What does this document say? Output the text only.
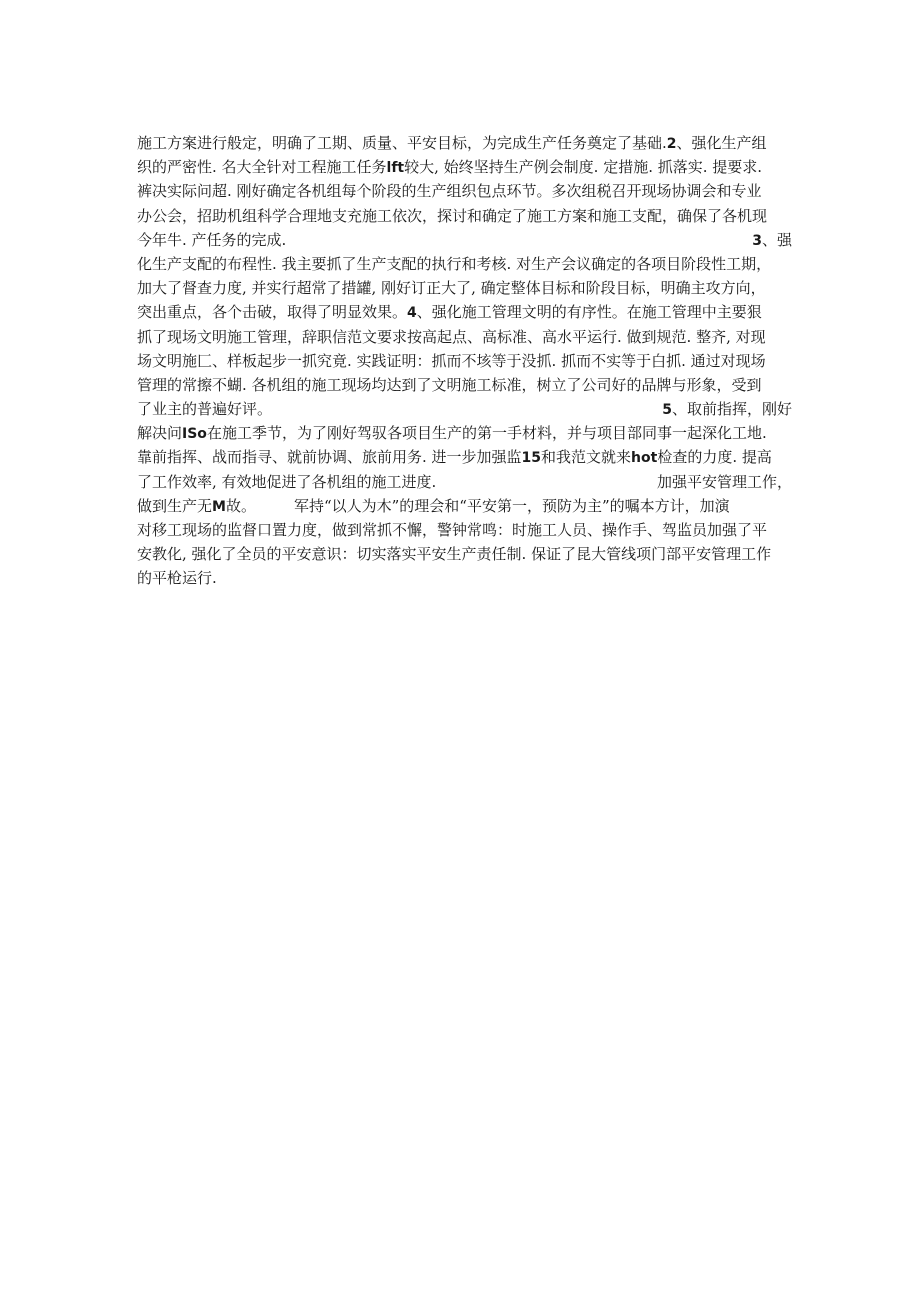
施工方案进行般定，明确了工期、质量、平安目标，为完成生产任务奠定了基础.2、强化生产组
织的严密性. 名大全针对工程施工任务lft较大, 始终坚持生产例会制度. 定措施. 抓落实. 提要求.
裤决实际问超. 刚好确定各机组每个阶段的生产组织包点环节。多次组税召开现场协调会和专业
办公会，招助机组科学合理地支充施工依次，探讨和确定了施工方案和施工支配，确保了各机现
今年牛. 产任务的完成.	3、强
化生产支配的布程性. 我主要抓了生产支配的执行和考核. 对生产会议确定的各项目阶段性工期，
加大了督查力度, 并实行超常了措罐, 刚好订正大了, 确定整体目标和阶段目标，明确主攻方向，
突出重点，各个击破，取得了明显效果。4、强化施工管理文明的有序性。在施工管理中主要狠
抓了现场文明施工管理，辞职信范文要求按高起点、高标准、高水平运行. 做到规范. 整齐, 对现
场文明施匚、样板起步一抓究竟. 实践证明：抓而不垓等于没抓. 抓而不实等于白抓. 通过对现场
管理的常擦不蝴. 各机组的施工现场均达到了文明施工标准，树立了公司好的品牌与形象，受到
了业主的普遍好评。	5、取前指挥，刚好
解决问ISo在施工季节，为了刚好驾驭各项目生产的第一手材料，并与项目部同事一起深化工地.
靠前指挥、战而指寻、就前协调、旅前用务. 进一步加强监15和我范文就来hot检查的力度. 提高
了工作效率, 有效地促进了各机组的施工进度.	加强平安管理工作，
做到生产无M故。	军持“以人为木”的理会和“平安第一，预防为主”的嘱本方计，加演
对移工现场的监督口置力度，做到常抓不懈，警钟常鸣：时施工人员、操作手、驾监员加强了平
安教化, 强化了全员的平安意识：切实落实平安生产责任制. 保证了昆大管线项门部平安管理工作
的平枪运行.
